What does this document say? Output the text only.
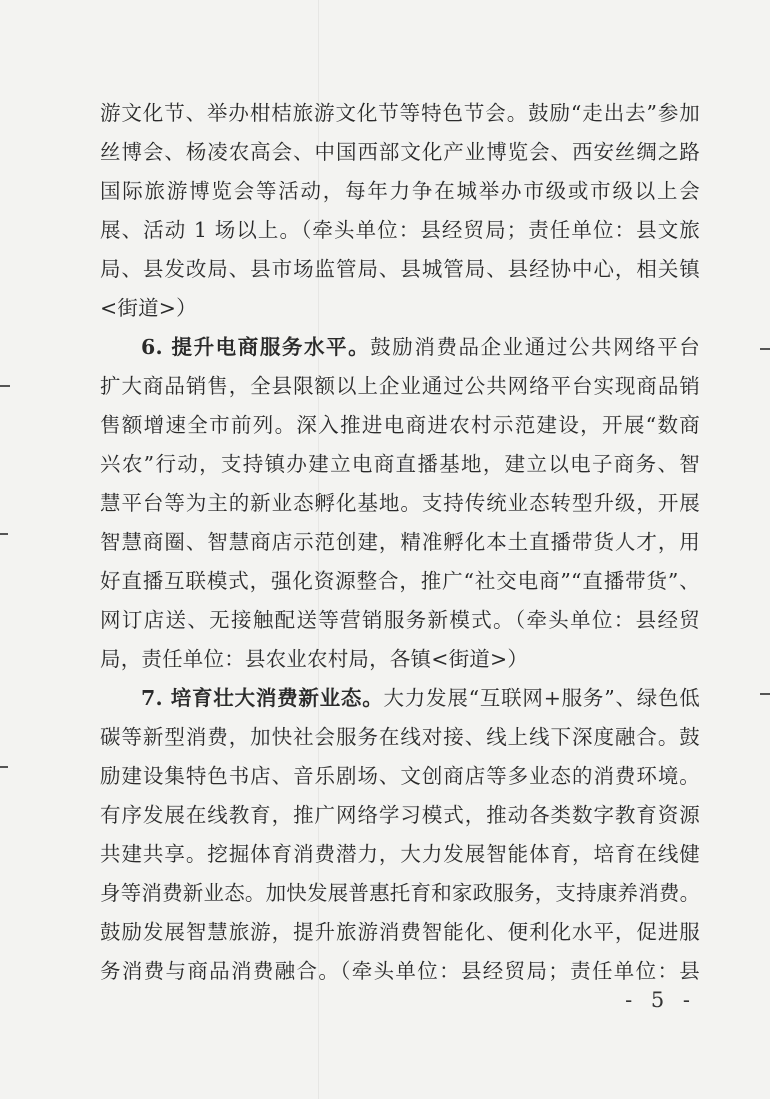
游文化节、举办柑桔旅游文化节等特色节会。鼓励“走出去”参加
丝博会、杨凌农高会、中国西部文化产业博览会、西安丝绸之路
国际旅游博览会等活动，每年力争在城举办市级或市级以上会
展、活动 1 场以上。（牵头单位：县经贸局；责任单位：县文旅
局、县发改局、县市场监管局、县城管局、县经协中心，相关镇
<街道>）
6. 提升电商服务水平。鼓励消费品企业通过公共网络平台
扩大商品销售，全县限额以上企业通过公共网络平台实现商品销
售额增速全市前列。深入推进电商进农村示范建设，开展“数商
兴农”行动，支持镇办建立电商直播基地，建立以电子商务、智
慧平台等为主的新业态孵化基地。支持传统业态转型升级，开展
智慧商圈、智慧商店示范创建，精准孵化本土直播带货人才，用
好直播互联模式，强化资源整合，推广“社交电商”“直播带货”、
网订店送、无接触配送等营销服务新模式。（牵头单位：县经贸
局，责任单位：县农业农村局，各镇<街道>）
7. 培育壮大消费新业态。大力发展“互联网+服务”、绿色低
碳等新型消费，加快社会服务在线对接、线上线下深度融合。鼓
励建设集特色书店、音乐剧场、文创商店等多业态的消费环境。
有序发展在线教育，推广网络学习模式，推动各类数字教育资源
共建共享。挖掘体育消费潜力，大力发展智能体育，培育在线健
身等消费新业态。加快发展普惠托育和家政服务，支持康养消费。
鼓励发展智慧旅游，提升旅游消费智能化、便利化水平，促进服
务消费与商品消费融合。（牵头单位：县经贸局；责任单位：县
- 5 -
